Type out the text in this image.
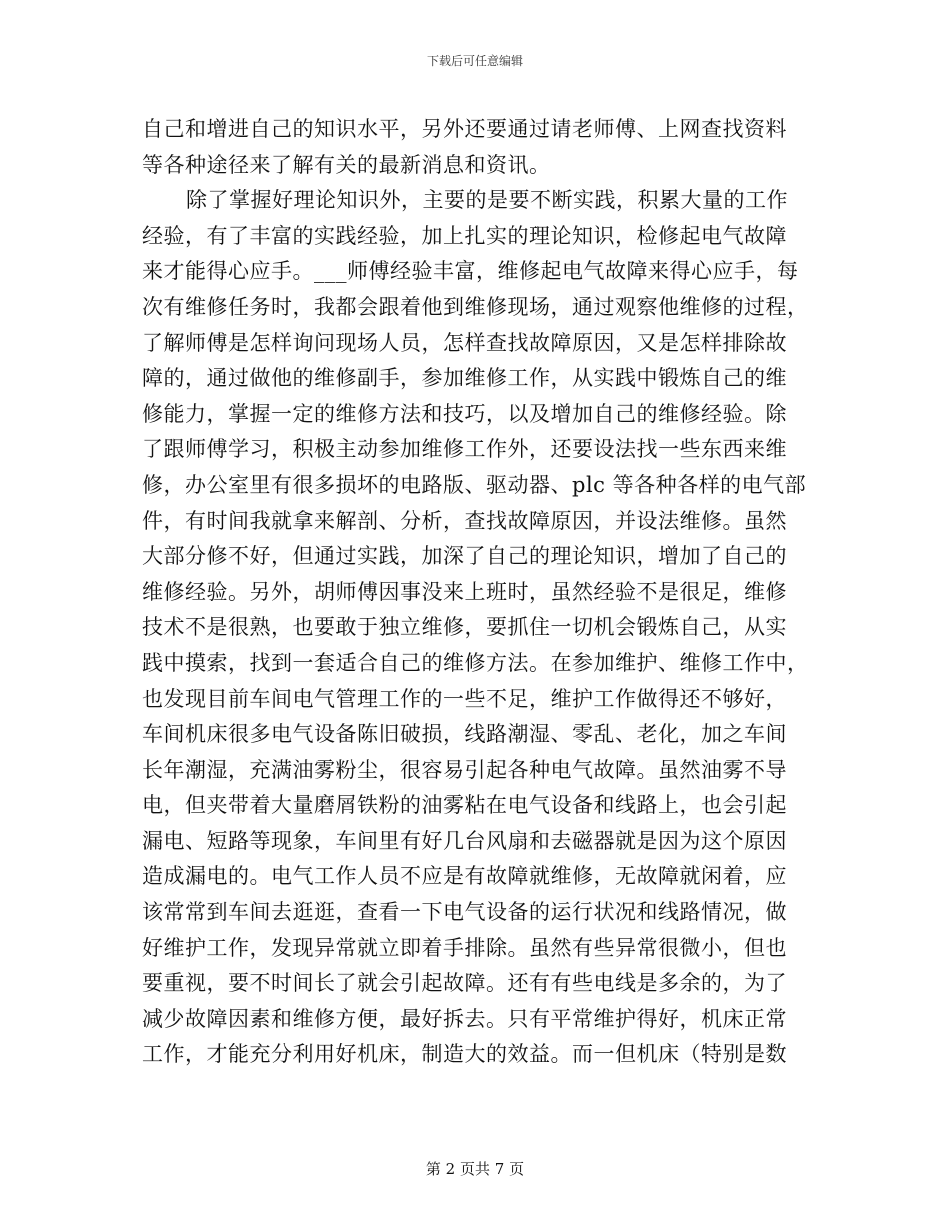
下载后可任意编辑
自己和增进自己的知识水平，另外还要通过请老师傅、上网查找资料
等各种途径来了解有关的最新消息和资讯。
除了掌握好理论知识外，主要的是要不断实践，积累大量的工作
经验，有了丰富的实践经验，加上扎实的理论知识，检修起电气故障
来才能得心应手。___师傅经验丰富，维修起电气故障来得心应手，每
次有维修任务时，我都会跟着他到维修现场，通过观察他维修的过程，
了解师傅是怎样询问现场人员，怎样查找故障原因，又是怎样排除故
障的，通过做他的维修副手，参加维修工作，从实践中锻炼自己的维
修能力，掌握一定的维修方法和技巧，以及增加自己的维修经验。除
了跟师傅学习，积极主动参加维修工作外，还要设法找一些东西来维
修，办公室里有很多损坏的电路版、驱动器、plc 等各种各样的电气部
件，有时间我就拿来解剖、分析，查找故障原因，并设法维修。虽然
大部分修不好，但通过实践，加深了自己的理论知识，增加了自己的
维修经验。另外，胡师傅因事没来上班时，虽然经验不是很足，维修
技术不是很熟，也要敢于独立维修，要抓住一切机会锻炼自己，从实
践中摸索，找到一套适合自己的维修方法。在参加维护、维修工作中，
也发现目前车间电气管理工作的一些不足，维护工作做得还不够好，
车间机床很多电气设备陈旧破损，线路潮湿、零乱、老化，加之车间
长年潮湿，充满油雾粉尘，很容易引起各种电气故障。虽然油雾不导
电，但夹带着大量磨屑铁粉的油雾粘在电气设备和线路上，也会引起
漏电、短路等现象，车间里有好几台风扇和去磁器就是因为这个原因
造成漏电的。电气工作人员不应是有故障就维修，无故障就闲着，应
该常常到车间去逛逛，查看一下电气设备的运行状况和线路情况，做
好维护工作，发现异常就立即着手排除。虽然有些异常很微小，但也
要重视，要不时间长了就会引起故障。还有有些电线是多余的，为了
减少故障因素和维修方便，最好拆去。只有平常维护得好，机床正常
工作，才能充分利用好机床，制造大的效益。而一但机床（特别是数
第 2 页共 7 页
